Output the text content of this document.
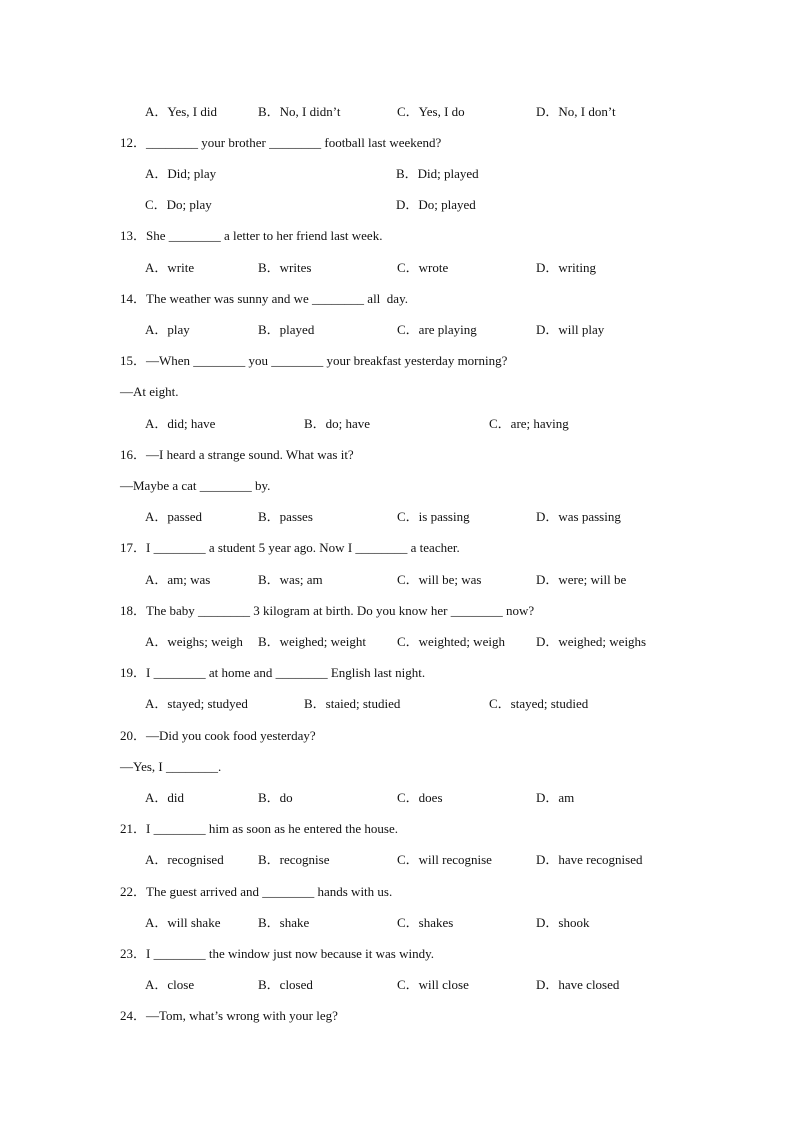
A．Yes, I did

	B．No, I didn’t

	C．Yes, I do

	D．No, I don’t

12．________ your brother ________ football last weekend?

A．Did; play

	B．Did; played

C．Do; play

	D．Do; played

13．She ________ a letter to her friend last week.

A．write

	B．writes

	C．wrote

	D．writing

14．The weather was sunny and we ________ all  day.

A．play

	B．played

	C．are playing

	D．will play

15．—When ________ you ________ your breakfast yesterday morning?
—At eight.

A．did; have

	B．do; have

	C．are; having

16．—I heard a strange sound. What was it?
—Maybe a cat ________ by.

A．passed

	B．passes

	C．is passing

	D．was passing

17．I ________ a student 5 year ago. Now I ________ a teacher.

A．am; was

	B．was; am

	C．will be; was

	D．were; will be

18．The baby ________ 3 kilogram at birth. Do you know her ________ now?

A．weighs; weigh

B．weighed; weight

C．weighted; weigh

D．weighed; weighs

19．I ________ at home and ________ English last night.

A．stayed; studyed

	B．staied; studied

	C．stayed; studied

20．—Did you cook food yesterday?
—Yes, I ________.

A．did

	B．do

	C．does

	D．am

21．I ________ him as soon as he entered the house.

A．recognised

	B．recognise

	C．will recognise

	D．have recognised

22．The guest arrived and ________ hands with us.

A．will shake

	B．shake

	C．shakes

	D．shook

23．I ________ the window just now because it was windy.

A．close

	B．closed

	C．will close

	D．have closed

24．—Tom, what’s wrong with your leg?
